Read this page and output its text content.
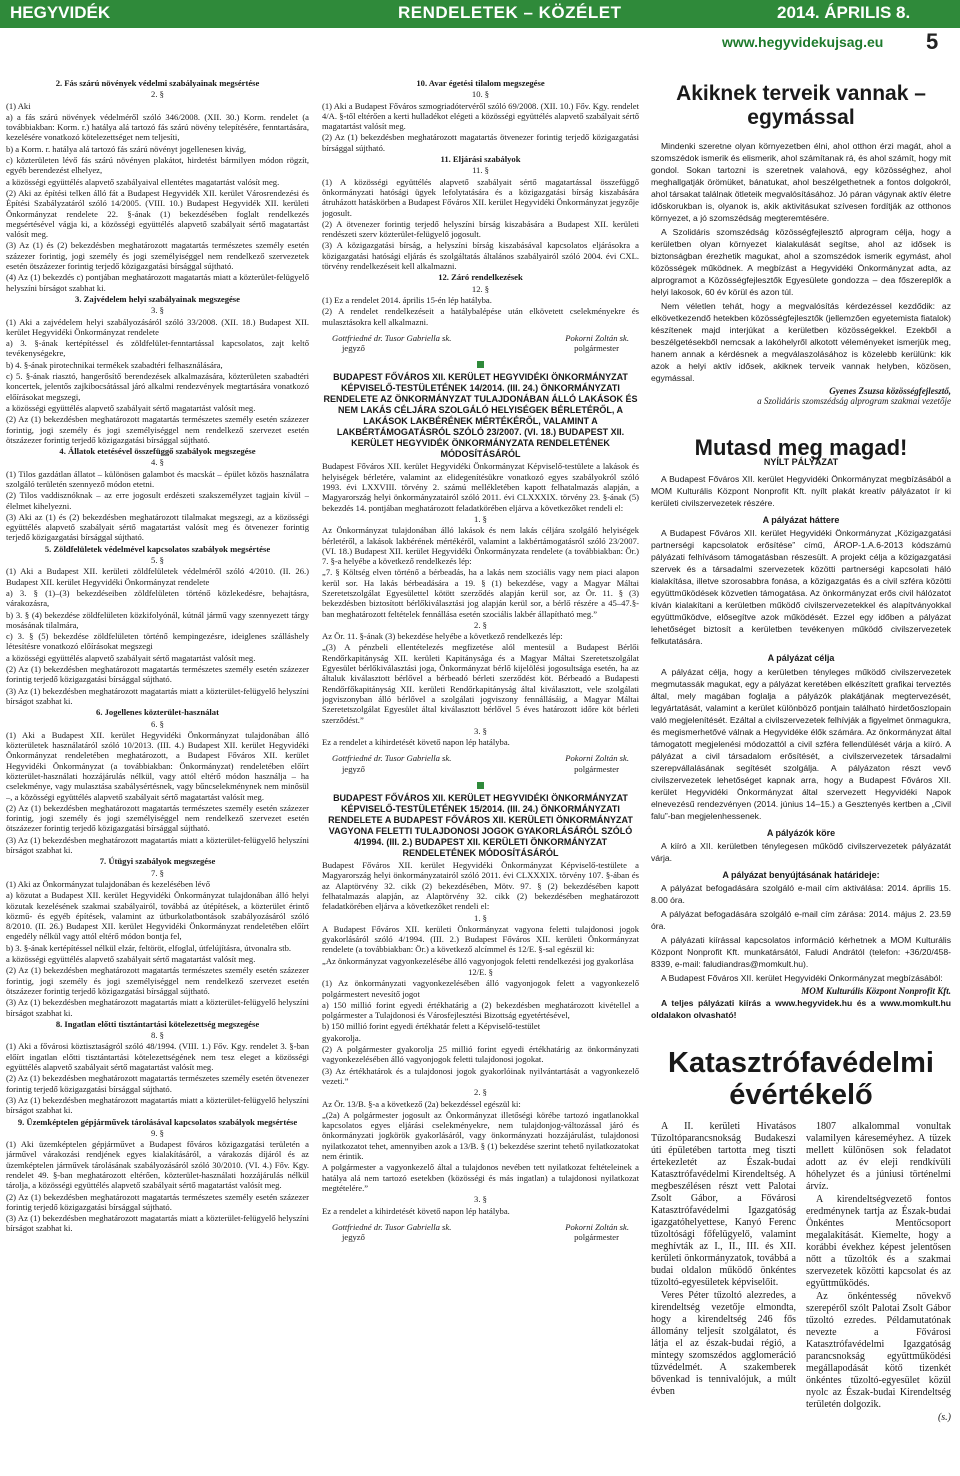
HEGYVIDÉK	RENDELETEK – KÖZÉLET	2014. ÁPRILIS 8.
www.hegyvidekujsag.eu 5

2. Fás szárú növények védelmi szabályainak megsértése

2. §

(1) Aki

a) a fás szárú növények védelméről szóló 346/2008. (XII. 30.) Korm. rendelet (a továbbiakban: Korm. r.) hatálya alá tartozó fás szárú növény telepítésére, fenntartására, kezelésére vonatkozó kötelezettséget nem teljesíti,

b) a Korm. r. hatálya alá tartozó fás szárú növényt jogellenesen kivág,

c) közterületen lévő fás szárú növényen plakátot, hirdetést bármilyen módon rögzít, egyéb berendezést elhelyez,

a közösségi együttélés alapvető szabályaival ellentétes magatartást valósít meg.

(2) Aki az építési telken álló fát a Budapest Hegyvidék XII. kerület Városrendezési és Építési Szabályzatáról szóló 14/2005. (VIII. 10.) Budapest Hegyvidék XII. kerületi Önkormányzat rendelete 22. §-ának (1) bekezdésében foglalt rendelkezés megsértésével vágja ki, a közösségi együttélés alapvető szabályait sértő magatartást valósít meg.

(3) Az (1) és (2) bekezdésben meghatározott magatartás természetes személy esetén százezer forintig, jogi személy és jogi személyiséggel nem rendelkező szervezetek esetén ötszázezer forintig terjedő közigazgatási bírsággal sújtható.

(4) Az (1) bekezdés c) pontjában meghatározott magatartás miatt a közterület-felügyelő helyszíni bírságot szabhat ki.

3. Zajvédelem helyi szabályainak megszegése

3. §

(1) Aki a zajvédelem helyi szabályozásáról szóló 33/2008. (XII. 18.) Budapest XII. kerület Hegyvidéki Önkormányzat rendelete

a) 3. §-ának kertépítéssel és zöldfelület-fenntartással kapcsolatos, zajt keltő tevékenységekre,

b) 4. §-ának pirotechnikai termékek szabadtéri felhasználására,

c) 5. §-ának riasztó, hangerősítő berendezések alkalmazására, közterületen szabadtéri koncertek, jelentős zajkibocsátással járó alkalmi rendezvények megtartására vonatkozó előírásokat megszegi,

a közösségi együttélés alapvető szabályait sértő magatartást valósít meg.

(2) Az (1) bekezdésben meghatározott magatartás természetes személy esetén százezer forintig, jogi személy és jogi személyiséggel nem rendelkező szervezet esetén ötszázezer forintig terjedő közigazgatási bírsággal sújtható.

4. Állatok etetésével összefüggő szabályok megszegése

4. §

(1) Tilos gazdátlan állatot – különösen galambot és macskát – épület közös használatra szolgáló területén szennyező módon etetni.

(2) Tilos vaddisznóknak – az erre jogosult erdészeti szakszemélyzet tagjain kívül – élelmet kihelyezni.

(3) Aki az (1) és (2) bekezdésben meghatározott tilalmakat megszegi, az a közösségi együttélés alapvető szabályait sértő magatartást valósít meg és ötvenezer forintig terjedő közigazgatási bírsággal sújtható.

5. Zöldfelületek védelmével kapcsolatos szabályok megsértése

5. §

(1) Aki a Budapest XII. kerületi zöldfelületek védelméről szóló 4/2010. (II. 26.) Budapest XII. kerület Hegyvidéki Önkormányzat rendelete

a) 3. § (1)–(3) bekezdéseiben zöldfelületen történő közlekedésre, behajtásra, várakozásra,

b) 3. § (4) bekezdése zöldfelületen közkifolyónál, kútnál jármű vagy szennyezett tárgy mosásának tilalmára,

c) 3. § (5) bekezdése zöldfelületen történő kempingezésre, ideiglenes szálláshely létesítésre vonatkozó előírásokat megszegi

a közösségi együttélés alapvető szabályait sértő magatartást valósít meg.

(2) Az (1) bekezdésben meghatározott magatartás természetes személy esetén százezer forintig terjedő közigazgatási bírsággal sújtható.

(3) Az (1) bekezdésben meghatározott magatartás miatt a közterület-felügyelő helyszíni bírságot szabhat ki.

6. Jogellenes közterület-használat

6. §

(1) Aki a Budapest XII. kerület Hegyvidéki Önkormányzat tulajdonában álló közterületek használatáról szóló 10/2013. (III. 4.) Budapest XII. kerület Hegyvidéki Önkormányzat rendeletében meghatározott, a Budapest Főváros XII. kerület Hegyvidéki Önkormányzat (a továbbiakban: Önkormányzat) rendeletében előírt közterület-használati hozzájárulás nélkül, vagy attól eltérő módon használja – ha cselekménye, vagy mulasztása szabálysértésnek, vagy bűncselekménynek nem minősül –, a közösségi együttélés alapvető szabályait sértő magatartást valósít meg.

(2) Az (1) bekezdésben meghatározott magatartás természetes személy esetén százezer forintig, jogi személy és jogi személyiséggel nem rendelkező szervezet esetén ötszázezer forintig terjedő közigazgatási bírsággal sújtható.

(3) Az (1) bekezdésben meghatározott magatartás miatt a közterület-felügyelő helyszíni bírságot szabhat ki.

7. Útügyi szabályok megszegése

7. §

(1) Aki az Önkormányzat tulajdonában és kezelésében lévő

a) közutat a Budapest XII. kerület Hegyvidéki Önkormányzat tulajdonában álló helyi közutak kezelésének szakmai szabályairól, továbbá az útépítések, a közterület érintő közmű- és egyéb építések, valamint az útburkolatbontások szabályozásáról szóló 8/2010. (II. 26.) Budapest XII. kerület Hegyvidéki Önkormányzat rendeletében előírt engedély nélkül vagy attól eltérő módon bontja fel,

b) 3. §-ának kertépítéssel nélkül elzár, feltöröt, elfoglal, útfelújításra, útvonalra stb.

a közösségi együttélés alapvető szabályait sértő magatartást valósít meg.

(2) Az (1) bekezdésben meghatározott magatartás természetes személy esetén százezer forintig, jogi személy és jogi személyiséggel nem rendelkező szervezet esetén ötszázezer forintig terjedő közigazgatási bírsággal sújtható.

(3) Az (1) bekezdésben meghatározott magatartás miatt a közterület-felügyelő helyszíni bírságot szabhat ki.

8. Ingatlan előtti tisztántartási kötelezettség megszegése

8. §

(1) Aki a fővárosi köztisztaságról szóló 48/1994. (VIII. 1.) Főv. Kgy. rendelet 3. §-ban előírt ingatlan előtti tisztántartási kötelezettségének nem tesz eleget a közösségi együttélés alapvető szabályait sértő magatartást valósít meg.

(2) Az (1) bekezdésben meghatározott magatartás természetes személy esetén ötvenezer forintig terjedő közigazgatási bírsággal sújtható.

(3) Az (1) bekezdésben meghatározott magatartás miatt a közterület-felügyelő helyszíni bírságot szabhat ki.

9. Üzemképtelen gépjárművek tárolásával kapcsolatos szabályok megsértése

9. §

(1) Aki üzemképtelen gépjárművet a Budapest főváros közigazgatási területén a járművel várakozási rendjének egyes kialakításáról, a várakozás díjáról és az üzemképtelen járművek tárolásának szabályozásáról szóló 30/2010. (VI. 4.) Főv. Kgy. rendelet 49. §-ban meghatározott eltérően, közterület-használati hozzájárulás nélkül tárolja, a közösségi együttélés alapvető szabályait sértő magatartást valósít meg.

(2) Az (1) bekezdésben meghatározott magatartás természetes személy esetén százezer forintig terjedő közigazgatási bírsággal sújtható.

(3) Az (1) bekezdésben meghatározott magatartás miatt a közterület-felügyelő helyszíni bírságot szabhat ki.

10. Avar égetési tilalom megszegése

10. §

(1) Aki a Budapest Főváros szmogriadótervéről szóló 69/2008. (XII. 10.) Főv. Kgy. rendelet 4/A. §-től eltérően a kerti hulladékot elégeti a közösségi együttélés alapvető szabályait sértő magatartást valósít meg.

(2) Az (1) bekezdésben meghatározott magatartás ötvenezer forintig terjedő közigazgatási bírsággal sújtható.

11. Eljárási szabályok

11. §

(1) A közösségi együttélés alapvető szabályait sértő magatartással összefüggő önkormányzati hatósági ügyek lefolytatására és a közigazgatási bírság kiszabására átruházott hatáskörben a Budapest Főváros XII. kerület Hegyvidéki Önkormányzat jegyzője jogosult.

(2) A ötvenezer forintig terjedő helyszíni bírság kiszabására a Budapest XII. kerületi rendészeti szerv közterület-felügyelő jogosult.

(3) A közigazgatási bírság, a helyszíni bírság kiszabásával kapcsolatos eljárásokra a közigazgatási hatósági eljárás és szolgáltatás általános szabályairól szóló 2004. évi CXL. törvény rendelkezéseit kell alkalmazni.

12. Záró rendelkezések

12. §

(1) Ez a rendelet 2014. április 15-én lép hatályba.

(2) A rendelet rendelkezéseit a hatálybalépése után elkövetett cselekményekre és mulasztásokra kell alkalmazni.

Gottfriedné dr. Tusor Gabriella sk.	Pokorni Zoltán sk.
jegyző	polgármester

BUDAPEST FŐVÁROS XII. KERÜLET HEGYVIDÉKI ÖNKORMÁNYZAT KÉPVISELŐ-TESTÜLETÉNEK 14/2014. (III. 24.) ÖNKORMÁNYZATI RENDELETE AZ ÖNKORMÁNYZAT TULAJDONÁBAN ÁLLÓ LAKÁSOK ÉS NEM LAKÁS CÉLJÁRA SZOLGÁLÓ HELYISÉGEK BÉRLETÉRŐL, A LAKÁSOK LAKBÉRÉNEK MÉRTÉKÉRŐL, VALAMINT A LAKBÉRTÁMOGATÁSRÓL SZÓLÓ 23/2007. (VI. 18.) BUDAPEST XII. KERÜLET HEGYVIDÉK ÖNKORMÁNYZATA RENDELETÉNEK MÓDOSÍTÁSÁRÓL

Budapest Főváros XII. kerület Hegyvidéki Önkormányzat Képviselő-testülete a lakások és helyiségek bérletére, valamint az elidegenítésükre vonatkozó egyes szabályokról szóló 1993. évi LXXVIII. törvény 2. számú mellékletében kapott felhatalmazás alapján, a Magyarország helyi önkormányzatairól szóló 2011. évi CLXXXIX. törvény 23. §-ának (5) bekezdés 14. pontjában meghatározott feladatkörében eljárva a következőket rendeli el:

1. §

Az Önkormányzat tulajdonában álló lakások és nem lakás céljára szolgáló helyiségek bérletéről, a lakások lakbérének mértékéről, valamint a lakbértámogatásról szóló 23/2007. (VI. 18.) Budapest XII. kerület Hegyvidéki Önkormányzata rendelete (a továbbiakban: Ör.) 7. §-a helyébe a következő rendelkezés lép:

„7. § Költség elven történő a bérbeadás, ha a lakás nem szociális vagy nem piaci alapon kerül sor. Ha lakás bérbeadására a 19. § (1) bekezdése, vagy a Magyar Máltai Szeretetszolgálat Egyesülettel kötött szerződés alapján kerül sor, az Ör. 11. § (3) bekezdésben biztosított bérlőkiválasztási jog alapján kerül sor, a bérlő részére a 45–47.§-ban meghatározott feltételek fennállása esetén szociális lakbér állapítható meg.”

2. §

Az Ör. 11. §-ának (3) bekezdése helyébe a következő rendelkezés lép:

„(3) A pénzbeli ellentételezés megfizetése alól mentesül a Budapest Bérlői Rendőrkapitányság XII. kerületi Kapitánysága és a Magyar Máltai Szeretetszolgálat Egyesület bérlőkiválasztási joga, Önkormányzat bérlő kijelölési jogosultsága esetén, ha az általuk kiválasztott bérlővel a bérbeadó bérleti szerződést köt. Bérbeadó a Budapesti Rendőrfőkapitányság XII. kerületi Rendőrkapitányság által kiválasztott, vele szolgálati jogviszonyban álló bérlővel a szolgálati jogviszony fennállásáig, a Magyar Máltai Szeretetszolgálat Egyesület által kiválasztott bérlővel 5 éves határozott időre köt bérleti szerződést.”

3. §

Ez a rendelet a kihirdetését követő napon lép hatályba.

Gottfriedné dr. Tusor Gabriella sk.	Pokorni Zoltán sk.
jegyző	polgármester

BUDAPEST FŐVÁROS XII. KERÜLET HEGYVIDÉKI ÖNKORMÁNYZAT KÉPVISELŐ-TESTÜLETÉNEK 15/2014. (III. 24.) ÖNKORMÁNYZATI RENDELETE A BUDAPEST FŐVÁROS XII. KERÜLETI ÖNKORMÁNYZAT VAGYONA FELETTI TULAJDONOSI JOGOK GYAKORLÁSÁRÓL SZÓLÓ 4/1994. (III. 2.) BUDAPEST XII. KERÜLETI ÖNKORMÁNYZAT RENDELETÉNEK MÓDOSÍTÁSÁRÓL

Budapest Főváros XII. kerület Hegyvidéki Önkormányzat Képviselő-testülete a Magyarország helyi önkormányzatairól szóló 2011. évi CLXXXIX. törvény 107. §-ában és az Alaptörvény 32. cikk (2) bekezdésében, Mötv. 97. § (2) bekezdésében kapott felhatalmazás alapján, az Alaptörvény 32. cikk (2) bekezdésében meghatározott feladatkörében eljárva a következőket rendeli el:

1. §

A Budapest Főváros XII. kerületi Önkormányzat vagyona feletti tulajdonosi jogok gyakorlásáról szóló 4/1994. (III. 2.) Budapest Főváros XII. kerületi Önkormányzat rendelete (a továbbiakban: Ör.) a következő alcímmel és 12/E. §-sal egészül ki:

„Az önkormányzat vagyonkezelésébe álló vagyonjogok feletti rendelkezési jog gyakorlása

12/E. §

(1) Az önkormányzati vagyonkezelésében álló vagyonjogok felett a vagyonkezelő polgármestert nevesítő jogot

a) 150 millió forint egyedi értékhatárig a (2) bekezdésben meghatározott kivétellel a polgármester a Tulajdonosi és Városfejlesztési Bizottság egyetértésével,

b) 150 millió forint egyedi értékhatár felett a Képviselő-testület

gyakorolja.

(2) A polgármester gyakorolja 25 millió forint egyedi értékhatárig az önkormányzati vagyonkezelésében álló vagyonjogok feletti tulajdonosi jogokat.

(3) Az értékhatárok és a tulajdonosi jogok gyakorlóinak nyilvántartását a vagyonkezelő vezeti.”

2. §

Az Ör. 13/B. §-a a következő (2a) bekezdéssel egészül ki:

„(2a) A polgármester jogosult az Önkormányzat illetőségi körébe tartozó ingatlanokkal kapcsolatos egyes eljárási cselekményekre, nem tulajdonjog-változással járó és önkormányzati jogkörök gyakorlásáról, vagy önkormányzati hozzájárulást, tulajdonosi nyilatkozatot tehet, amennyiben azok a 13/B. § (1) bekezdése szerint tehető nyilatkozatokat nem érintik.

A polgármester a vagyonkezelő által a tulajdonos nevében tett nyilatkozat feltételeinek a hatálya alá nem tartozó esetekben (közösségi és más ingatlan) a tulajdonosi nyilatkozat megtételére.”

3. §

Ez a rendelet a kihirdetését követő napon lép hatályba.

Gottfriedné dr. Tusor Gabriella sk.	Pokorni Zoltán sk.
jegyző	polgármester
Akiknek terveik vannak – egymással

Mindenki szeretne olyan környezetben élni, ahol otthon érzi magát, ahol a szomszédok ismerik és elismerik, ahol számítanak rá, és ahol számít, hogy mit gondol. Sokan tartozni is szeretnek valahová, egy közösséghez, ahol meghallgatják örömüket, bánatukat, ahol beszélgethetnek a fontos dolgokról, ahol társakat találnak ötleteik megvalósításához. Jó páran vágynak aktív életre időskorukban is, olyanok is, akik aktivitásukat szívesen fordítják az otthonos környezet, a jó szomszédság megteremtésére.

A Szolidáris szomszédság közösségfejlesztő alprogram célja, hogy a kerületben olyan környezet kialakulását segítse, ahol az idősek is biztonságban érezhetik magukat, ahol a szomszédok ismerik egymást, ahol közösségek működnek. A megbízást a Hegyvidéki Önkormányzat adta, az alprogramot a Közösségfejlesztők Egyesülete gondozza – dea főszereplők a helyi lakosok, 60 év körül és azon túl.

Nem véletlen tehát, hogy a megvalósítás kérdezéssel kezdődik: az elkövetkezendő hetekben közösségfejlesztők (jellemzően egyetemista fiatalok) készítenek majd interjúkat a kerületben közösségekkel. Ezekből a beszélgetésekből nemcsak a lakóhelyről alkotott véleményeket ismerjük meg, hanem annak a kérdésnek a megválaszolásához is közelebb kerülünk: kik azok a helyi aktív idősek, akiknek terveik vannak helyben, közösen, egymással.

Gyenes Zsuzsa közösségfejlesztő,
a Szolidáris szomszédság alprogram szakmai vezetője
Mutasd meg magad!
NYÍLT PÁLYÁZAT

A Budapest Főváros XII. kerület Hegyvidéki Önkormányzat megbízásából a MOM Kulturális Központ Nonprofit Kft. nyílt plakát kreatív pályázatot ír ki kerületi civilszervezetek részére.

A pályázat háttere

A Budapest Főváros XII. kerület Hegyvidéki Önkormányzat „Közigazgatási partnerségi kapcsolatok erősítése” című, ÁROP-1.A.6-2013 kódszámú pályázati felhívásom támogatásban részesült. A projekt célja a közigazgatási szervek és a társadalmi szervezetek közötti partnerségi kapcsolati háló kialakítása, illetve szorosabbra fonása, a közigazgatás és a civil szféra közötti együttműködések közvetlen támogatása. Az önkormányzat erős civil hálózatot kíván kialakítani a kerületben működő civilszervezetekkel és alapítványokkal együttműködve, elősegítve azok működését. Ezzel egy időben a pályázat lehetőséget biztosít a kerületben tevékenyen működő civilszervezetek felkutatására.

A pályázat célja

A pályázat célja, hogy a kerületben tényleges működő civilszervezetek megmutassák magukat, egy a pályázat keretében elkészített grafikai terveztés által, mely magában foglalja a pályázók plakátjának megtervezését, legyártatását, valamint a kerület különböző pontjain található hirdetőoszlopain való megjelenítését. Ezáltal a civilszervezetek felhívják a figyelmet önmagukra, és megismerhetővé válnak a Hegyvidéke élők számára. Az önkormányzat által támogatott megjelenési módozattól a civil szféra fellendülését várja a kiíró. A pályázat a civil társadalom erősítését, a civilszervezetek társadalmi szerepvállalásának segítését szolgálja. A pályázaton részt vevő civilszervezetek lehetőséget kapnak arra, hogy a Budapest Főváros XII. kerület Hegyvidéki Önkormányzat által szervezett Hegyvidéki Napok elnevezésű rendezvényen (2014. június 14–15.) a Gesztenyés kertben a „Civil falu”-ban megjelenhessenek.

A pályázók köre

A kiíró a XII. kerületben ténylegesen működő civilszervezetek pályázatát várja.

A pályázat benyújtásának határideje:

A pályázat befogadására szolgáló e-mail cím aktiválása: 2014. április 15. 8.00 óra.

A pályázat befogadására szolgáló e-mail cím zárása: 2014. május 2. 23.59 óra.

A pályázati kiírással kapcsolatos információ kérhetnek a MOM Kulturális Központ Nonprofit Kft. munkatársától, Faludi Andrától (telefon: +36/20/458-8339, e-mail: faludiandras@momkult.hu).

A Budapest Főváros XII. kerület Hegyvidéki Önkormányzat megbízásából:

MOM Kulturális Központ Nonprofit Kft.

A teljes pályázati kiírás a www.hegyvidek.hu és a www.momkult.hu oldalakon olvasható!

Katasztrófavédelmi évértékelő

A II. kerületi Hivatásos Tűzoltóparancsnokság Budakeszi úti épületében tartotta meg tiszti értekezletét az Észak-budai Katasztrófavédelmi Kirendeltség. A megbeszélésen részt vett Palotai Zsolt Gábor, a Fővárosi Katasztrófavédelmi Igazgatóság igazgatóhelyettese, Kanyó Ferenc tűzoltósági főfelügyelő, valamint meghívták az I., II., III. és XII. kerületi önkormányzatok, továbbá a budai oldalon működő önkéntes tűzoltó-egyesületek képviselőit.

Veres Péter tűzoltó alezredes, a kirendeltség vezetője elmondta, hogy a kirendeltség 246 fős állomány teljesít szolgálatot, és látja el az észak-budai régió, a mintegy szomszédos agglomeráció tűzvédelmét. A szakemberek bővenkad is tennivalójuk, a múlt évben

1807 alkalommal vonultak valamilyen káreseméyhez. A tüzek mellett különösen sok feladatot adott az év eleji rendkívüli hóhelyzet és a júniusi történelmi árvíz.

A kirendeltségvezető fontos eredménynek tartja az Észak-budai Önkéntes Mentőcsoport megalakítását. Kiemelte, hogy a korábbi évekhez képest jelentősen nőtt a tűzoltók és a szakmai szervezetek közötti kapcsolat és az együttműködés.

Az önkéntesség növekvő szerepéről szólt Palotai Zsolt Gábor tűzoltó ezredes. Példamutatónak nevezte a Fővárosi Katasztrófavédelmi Igazgatóság parancsnokság együttműködési megállapodását kötő tizenkét önkéntes tűzoltó-egyesület közül nyolc az Észak-budai Kirendeltség területén dolgozik.

(s.)
